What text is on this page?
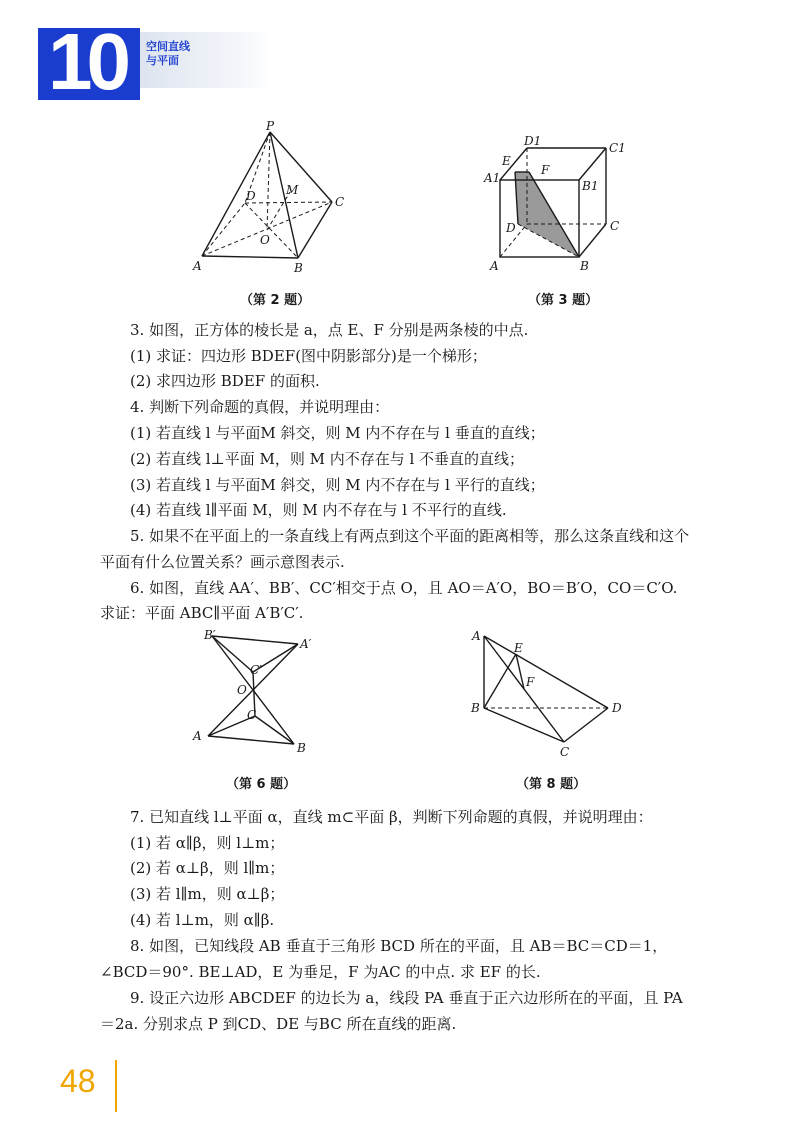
10 空间直线
与平面
P
D	M
C
O
A	B
（第 2 题）
D1	C1
E
F
A1
B1
D	C
A	B
（第 3 题）
3. 如图，正方体的棱长是 a，点 E、F 分别是两条棱的中点.
(1) 求证：四边形 BDEF(图中阴影部分)是一个梯形；
(2) 求四边形 BDEF 的面积.
4. 判断下列命题的真假，并说明理由：
(1) 若直线 l 与平面M 斜交，则 M 内不存在与 l 垂直的直线；
(2) 若直线 l⊥平面 M，则 M 内不存在与 l 不垂直的直线；
(3) 若直线 l 与平面M 斜交，则 M 内不存在与 l 平行的直线；
(4) 若直线 l∥平面 M，则 M 内不存在与 l 不平行的直线.
5. 如果不在平面上的一条直线上有两点到这个平面的距离相等，那么这条直线和这个
平面有什么位置关系？画示意图表示.
6. 如图，直线 AA′、BB′、CC′相交于点 O，且 AO＝A′O，BO＝B′O，CO＝C′O.
求证：平面 ABC∥平面 A′B′C′.
B′
A′
C′
O
C
A
B
（第 6 题）
A
E
F
B	D
C
（第 8 题）
7. 已知直线 l⊥平面 α，直线 m⊂平面 β，判断下列命题的真假，并说明理由：
(1) 若 α∥β，则 l⊥m；
(2) 若 α⊥β，则 l∥m；
(3) 若 l∥m，则 α⊥β；
(4) 若 l⊥m，则 α∥β.
8. 如图，已知线段 AB 垂直于三角形 BCD 所在的平面，且 AB＝BC＝CD＝1，
∠BCD＝90°. BE⊥AD，E 为垂足，F 为AC 的中点. 求 EF 的长.
9. 设正六边形 ABCDEF 的边长为 a，线段 PA 垂直于正六边形所在的平面，且 PA
＝2a. 分别求点 P 到CD、DE 与BC 所在直线的距离.
48
